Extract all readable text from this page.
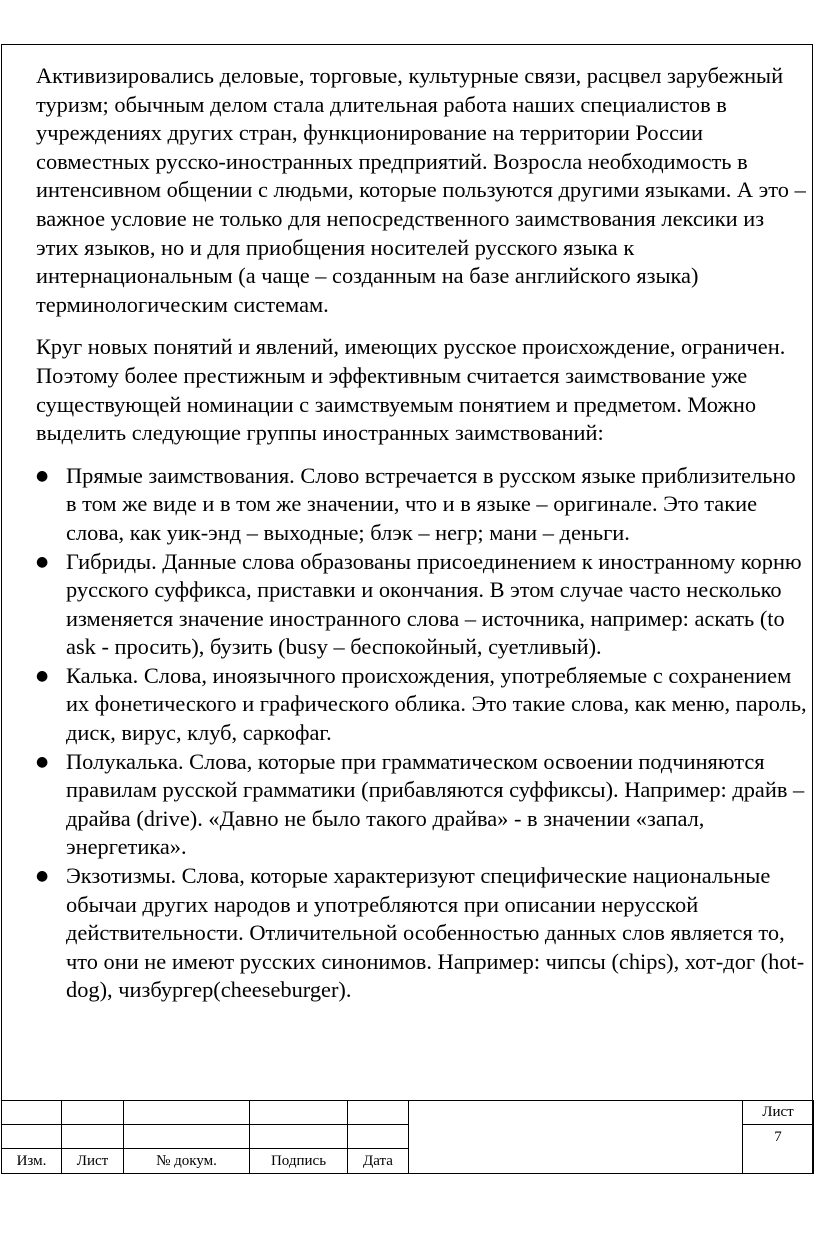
Активизировались деловые, торговые, культурные связи, расцвел зарубежный туризм; обычным делом стала длительная работа наших специалистов в учреждениях других стран, функционирование на территории России совместных русско-иностранных предприятий. Возросла необходимость в интенсивном общении с людьми, которые пользуются другими языками. А это – важное условие не только для непосредственного заимствования лексики из этих языков, но и для приобщения носителей русского языка к интернациональным (а чаще – созданным на базе английского языка) терминологическим системам.

Круг новых понятий и явлений, имеющих русское происхождение, ограничен. Поэтому более престижным и эффективным считается заимствование уже существующей номинации с заимствуемым понятием и предметом. Можно выделить следующие группы иностранных заимствований:

● Прямые заимствования. Слово встречается в русском языке приблизительно в том же виде и в том же значении, что и в языке – оригинале. Это такие слова, как уик-энд – выходные; блэк – негр; мани – деньги.
● Гибриды. Данные слова образованы присоединением к иностранному корню русского суффикса, приставки и окончания. В этом случае часто несколько изменяется значение иностранного слова – источника, например: аскать (to ask - просить), бузить (busy – беспокойный, суетливый).
● Калька. Слова, иноязычного происхождения, употребляемые с сохранением их фонетического и графического облика. Это такие слова, как меню, пароль, диск, вирус, клуб, саркофаг.
● Полукалька. Слова, которые при грамматическом освоении подчиняются правилам русской грамматики (прибавляются суффиксы). Например: драйв – драйва (drive). «Давно не было такого драйва» - в значении «запал, энергетика».
● Экзотизмы. Слова, которые характеризуют специфические национальные обычаи других народов и употребляются при описании нерусской действительности. Отличительной особенностью данных слов является то, что они не имеют русских синонимов. Например: чипсы (chips), хот-дог (hot-dog), чизбургер(cheeseburger).
						Лист
						7
Изм.	Лист	№ докум.	Подпись	Дата		
